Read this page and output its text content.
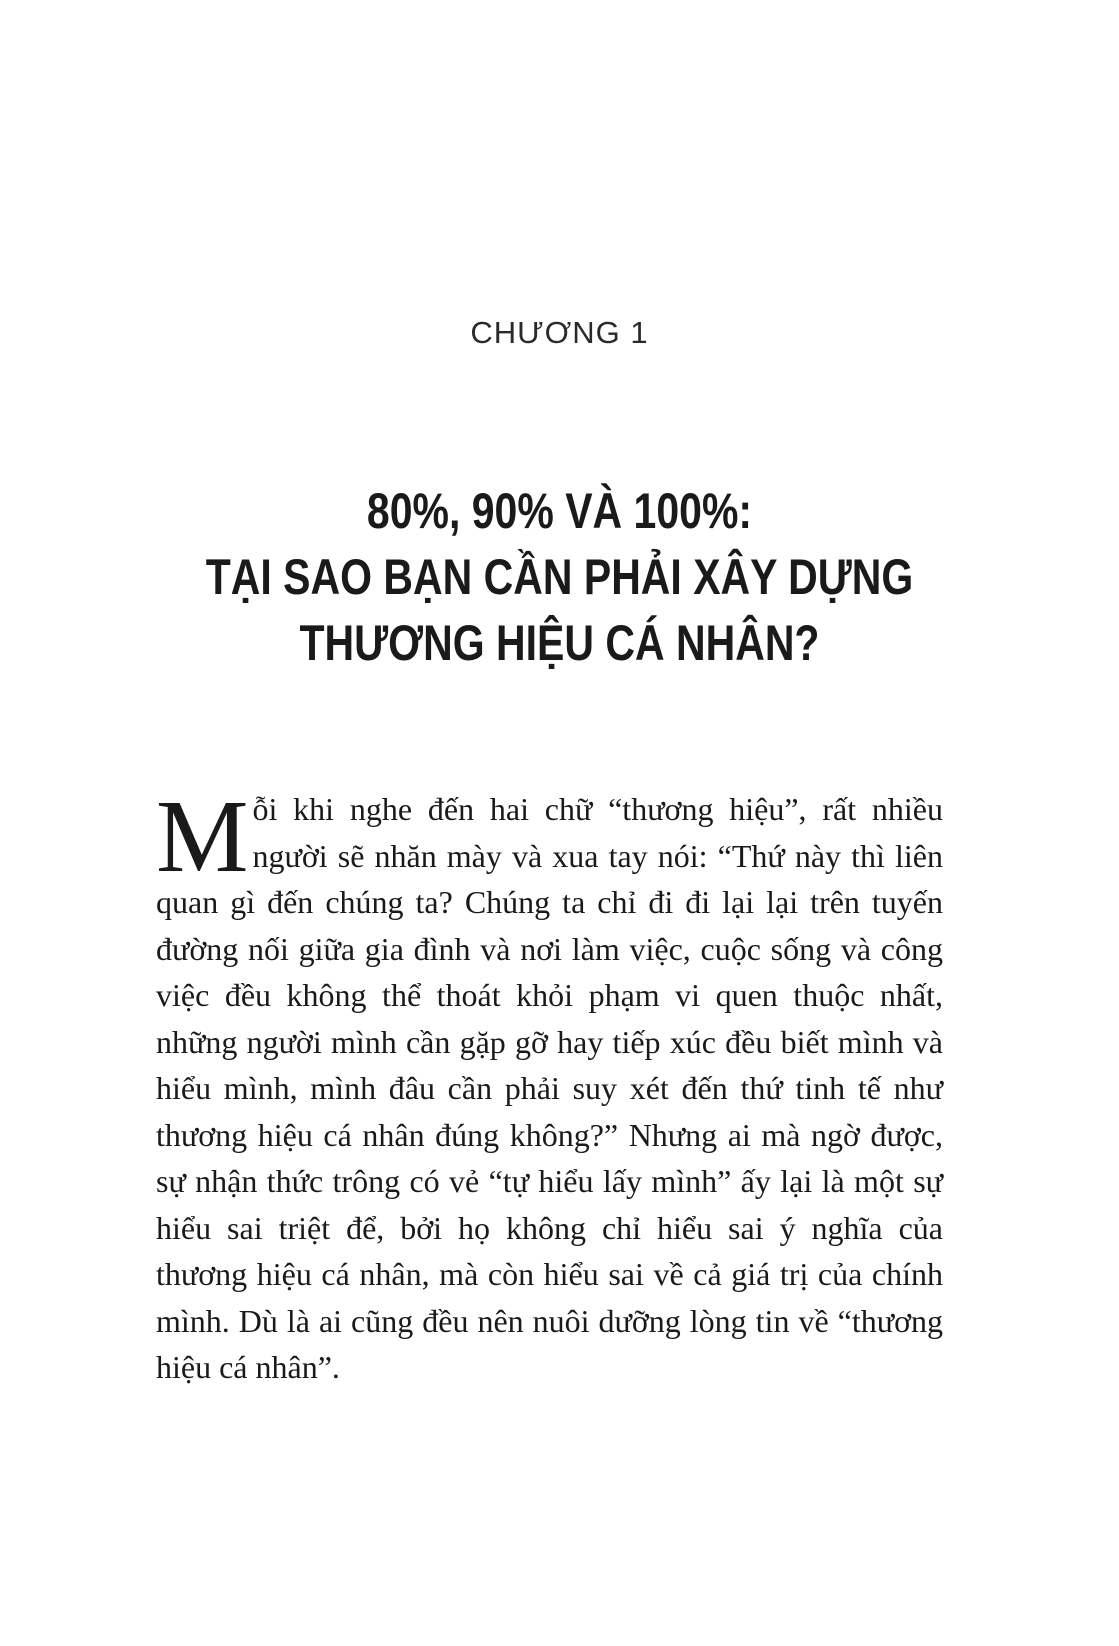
CHƯƠNG 1
80%, 90% VÀ 100%:
TẠI SAO BẠN CẦN PHẢI XÂY DỰNG
THƯƠNG HIỆU CÁ NHÂN?
Mỗi khi nghe đến hai chữ “thương hiệu”, rất nhiều người sẽ nhăn mày và xua tay nói: “Thứ này thì liên quan gì đến chúng ta? Chúng ta chỉ đi đi lại lại trên tuyến đường nối giữa gia đình và nơi làm việc, cuộc sống và công việc đều không thể thoát khỏi phạm vi quen thuộc nhất, những người mình cần gặp gỡ hay tiếp xúc đều biết mình và hiểu mình, mình đâu cần phải suy xét đến thứ tinh tế như thương hiệu cá nhân đúng không?” Nhưng ai mà ngờ được, sự nhận thức trông có vẻ “tự hiểu lấy mình” ấy lại là một sự hiểu sai triệt để, bởi họ không chỉ hiểu sai ý nghĩa của thương hiệu cá nhân, mà còn hiểu sai về cả giá trị của chính mình. Dù là ai cũng đều nên nuôi dưỡng lòng tin về “thương hiệu cá nhân”.
